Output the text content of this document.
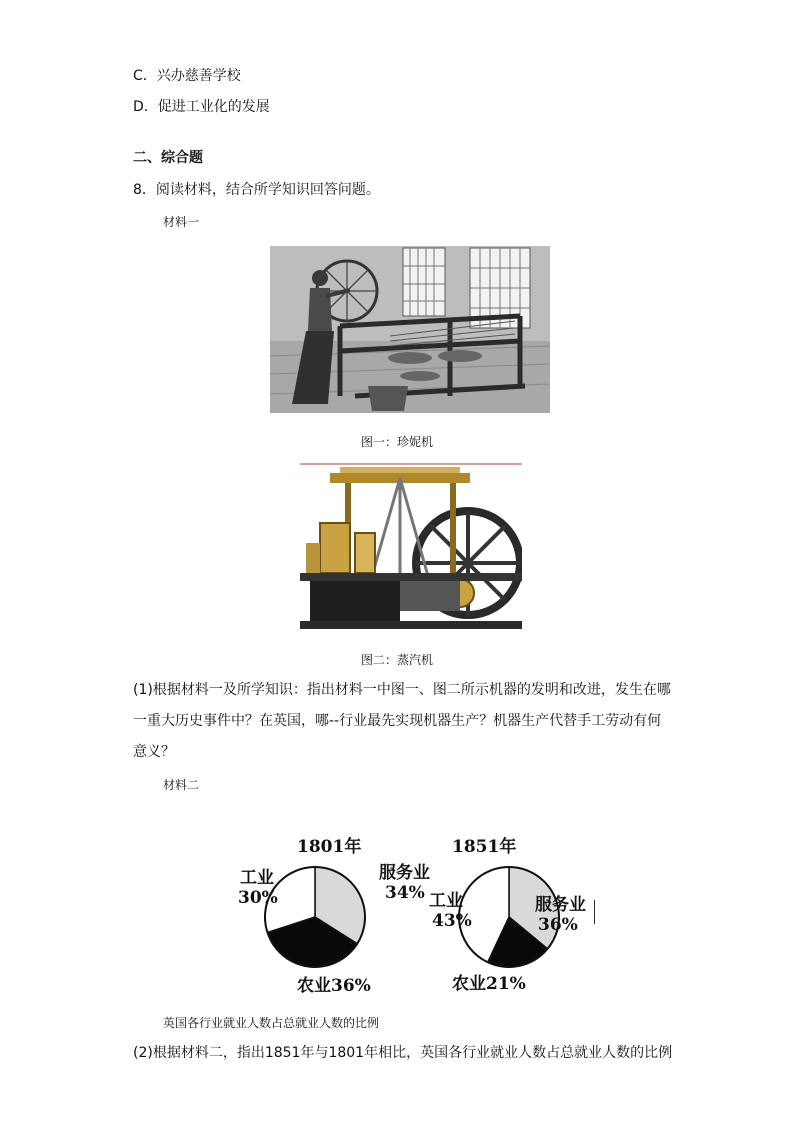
C．兴办慈善学校
D．促进工业化的发展
二、综合题
8．阅读材料，结合所学知识回答问题。
材料一
图一：珍妮机
图二：蒸汽机
(1)根据材料一及所学知识：指出材料一中图一、图二所示机器的发明和改进，发生在哪
一重大历史事件中？在英国，哪--行业最先实现机器生产？机器生产代替手工劳动有何
意义？
材料二
1801年
服务业
34%
工业
30%
农业36%
1851年
服务业
36%
工业
43%
农业21%
英国各行业就业人数占总就业人数的比例
(2)根据材料二，指出1851年与1801年相比，英国各行业就业人数占总就业人数的比例
